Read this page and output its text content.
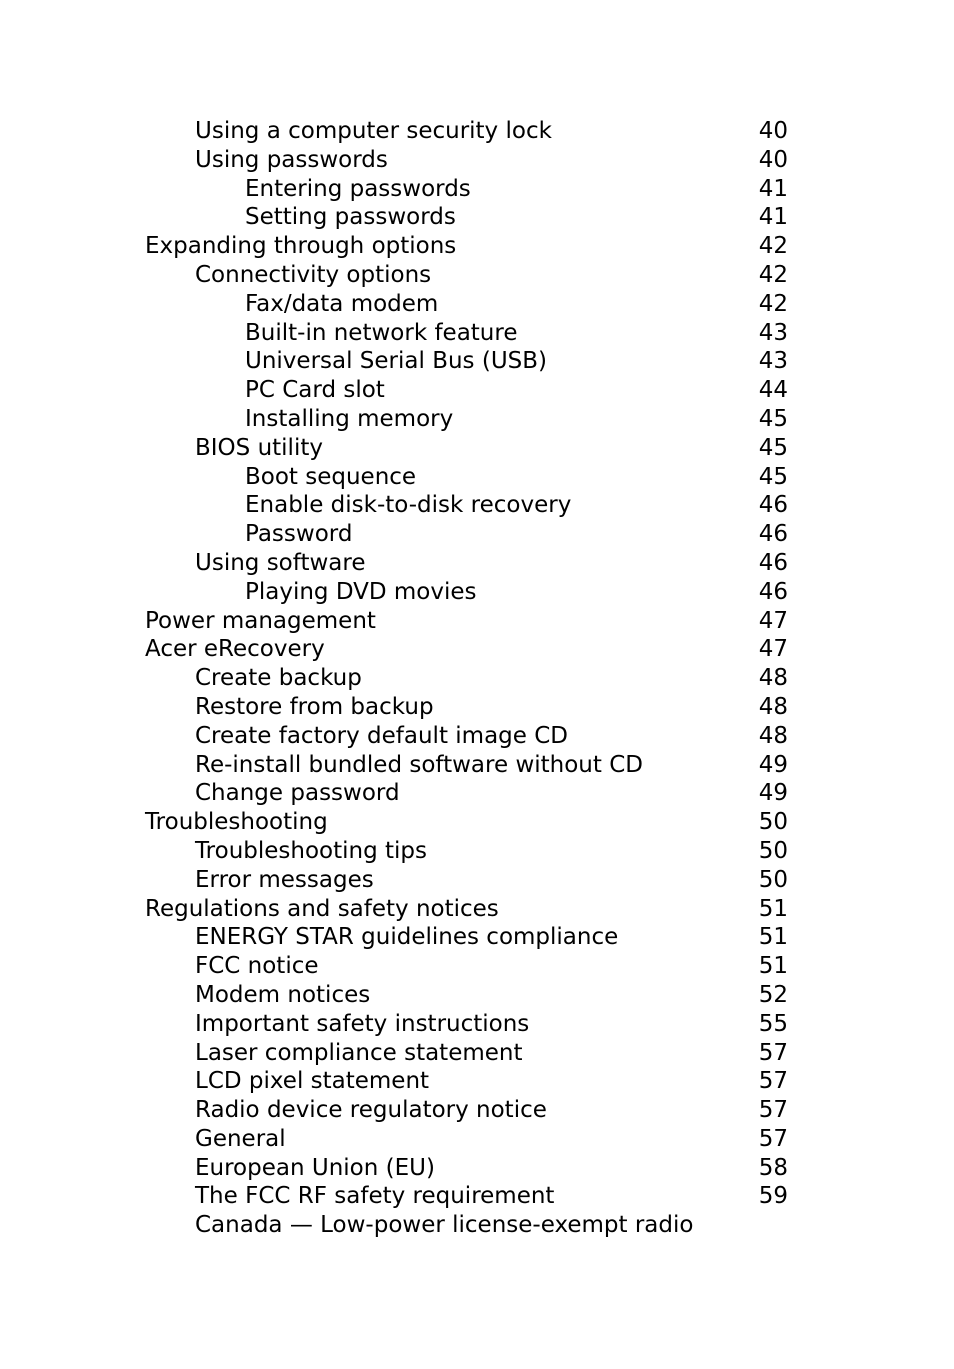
Using a computer security lock	40
Using passwords	40
Entering passwords	41
Setting passwords	41
Expanding through options	42
Connectivity options	42
Fax/data modem	42
Built-in network feature	43
Universal Serial Bus (USB)	43
PC Card slot	44
Installing memory	45
BIOS utility	45
Boot sequence	45
Enable disk-to-disk recovery	46
Password	46
Using software	46
Playing DVD movies	46
Power management	47
Acer eRecovery	47
Create backup	48
Restore from backup	48
Create factory default image CD	48
Re-install bundled software without CD	49
Change password	49
Troubleshooting	50
Troubleshooting tips	50
Error messages	50
Regulations and safety notices	51
ENERGY STAR guidelines compliance	51
FCC notice	51
Modem notices	52
Important safety instructions	55
Laser compliance statement	57
LCD pixel statement	57
Radio device regulatory notice	57
General	57
European Union (EU)	58
The FCC RF safety requirement	59
Canada — Low-power license-exempt radio
